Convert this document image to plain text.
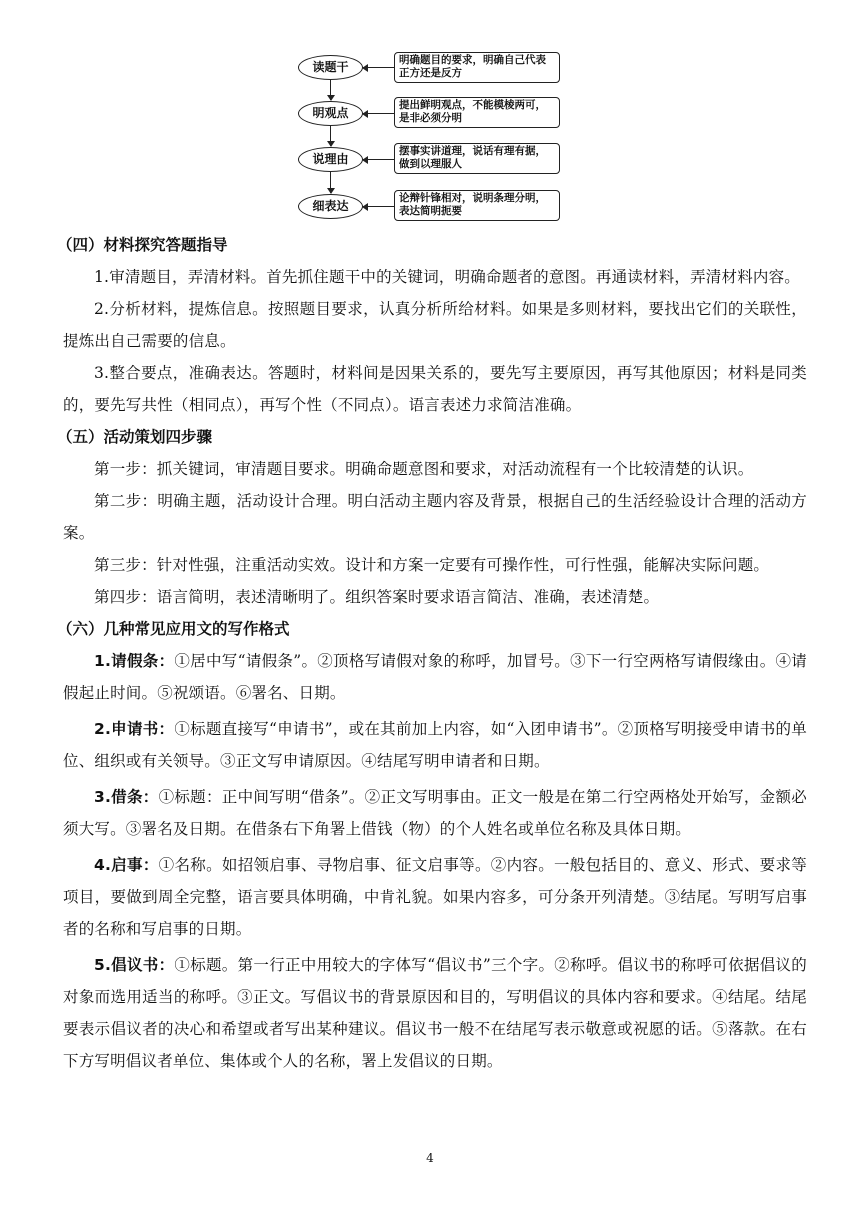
读题干	明确题目的要求，明确自己代表正方还是反方
明观点
提出鲜明观点，不能模棱两可，是非必须分明
说理由
摆事实讲道理，说话有理有据，做到以理服人
细表达
论辩针锋相对，说明条理分明，表达简明扼要
（四）材料探究答题指导

1.审清题目，弄清材料。首先抓住题干中的关键词，明确命题者的意图。再通读材料，弄清材料内容。

2.分析材料，提炼信息。按照题目要求，认真分析所给材料。如果是多则材料，要找出它们的关联性，提炼出自己需要的信息。

3.整合要点，准确表达。答题时，材料间是因果关系的，要先写主要原因，再写其他原因；材料是同类的，要先写共性（相同点），再写个性（不同点）。语言表述力求简洁准确。

（五）活动策划四步骤

第一步：抓关键词，审清题目要求。明确命题意图和要求，对活动流程有一个比较清楚的认识。

第二步：明确主题，活动设计合理。明白活动主题内容及背景，根据自己的生活经验设计合理的活动方案。

第三步：针对性强，注重活动实效。设计和方案一定要有可操作性，可行性强，能解决实际问题。

第四步：语言简明，表述清晰明了。组织答案时要求语言简洁、准确，表述清楚。

（六）几种常见应用文的写作格式

1.请假条：①居中写“请假条”。②顶格写请假对象的称呼，加冒号。③下一行空两格写请假缘由。④请假起止时间。⑤祝颂语。⑥署名、日期。

2.申请书：①标题直接写“申请书”，或在其前加上内容，如“入团申请书”。②顶格写明接受申请书的单位、组织或有关领导。③正文写申请原因。④结尾写明申请者和日期。

3.借条：①标题：正中间写明“借条”。②正文写明事由。正文一般是在第二行空两格处开始写，金额必须大写。③署名及日期。在借条右下角署上借钱（物）的个人姓名或单位名称及具体日期。

4.启事：①名称。如招领启事、寻物启事、征文启事等。②内容。一般包括目的、意义、形式、要求等项目，要做到周全完整，语言要具体明确，中肯礼貌。如果内容多，可分条开列清楚。③结尾。写明写启事者的名称和写启事的日期。

5.倡议书：①标题。第一行正中用较大的字体写“倡议书”三个字。②称呼。倡议书的称呼可依据倡议的对象而选用适当的称呼。③正文。写倡议书的背景原因和目的，写明倡议的具体内容和要求。④结尾。结尾要表示倡议者的决心和希望或者写出某种建议。倡议书一般不在结尾写表示敬意或祝愿的话。⑤落款。在右下方写明倡议者单位、集体或个人的名称，署上发倡议的日期。

4
